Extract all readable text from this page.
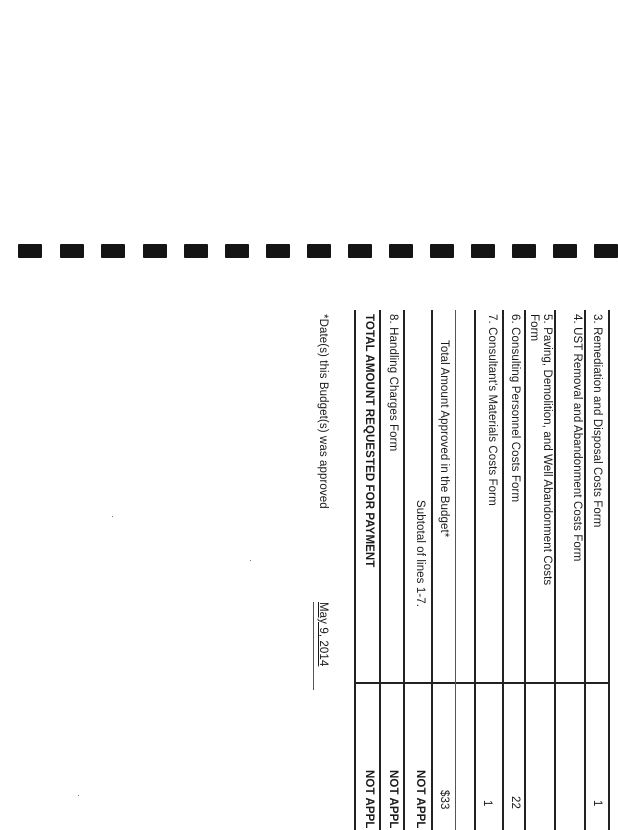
3. Remediation and Disposal Costs Form
1
4. UST Removal and Abandonment Costs Form
5. Paving, Demolition, and Well Abandonment Costs Form
6. Consulting Personnel Costs Form
22
7. Consultant's Materials Costs Form
1
Total Amount Approved in the Budget*
$33
Subtotal of lines 1-7.
NOT APPL
8. Handling Charges Form
NOT APPL
TOTAL AMOUNT REQUESTED FOR PAYMENT
NOT APPL
*Date(s) this Budget(s) was approved
May 9, 2014
